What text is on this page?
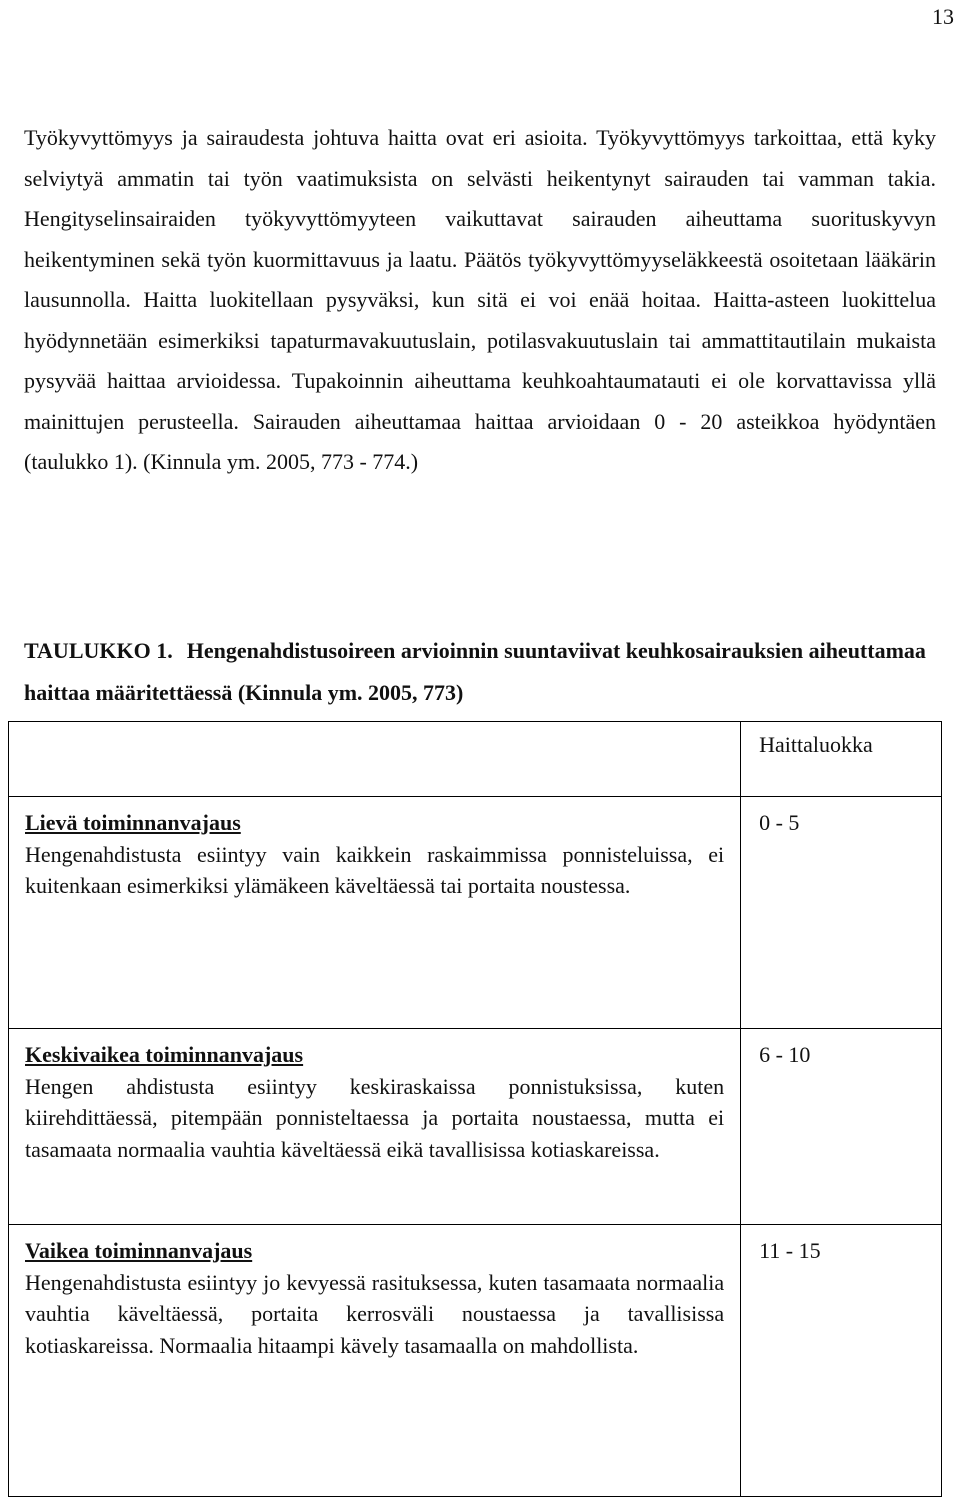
13

Työkyvyttömyys ja sairaudesta johtuva haitta ovat eri asioita. Työkyvyttömyys tarkoittaa, että kyky selviytyä ammatin tai työn vaatimuksista on selvästi heikentynyt sairauden tai vamman takia. Hengityselinsairaiden työkyvyttömyyteen vaikuttavat sairauden aiheuttama suorituskyvyn heikentyminen sekä työn kuormittavuus ja laatu. Päätös työkyvyttömyyseläkkeestä osoitetaan lääkärin lausunnolla. Haitta luokitellaan pysyväksi, kun sitä ei voi enää hoitaa. Haitta-asteen luokittelua hyödynnetään esimerkiksi tapaturmavakuutuslain, potilasvakuutuslain tai ammattitautilain mukaista pysyvää haittaa arvioidessa. Tupakoinnin aiheuttama keuhkoahtaumatauti ei ole korvattavissa yllä mainittujen perusteella. Sairauden aiheuttamaa haittaa arvioidaan 0 - 20 asteikkoa hyödyntäen (taulukko 1). (Kinnula ym. 2005, 773 - 774.)

TAULUKKO 1. Hengenahdistusoireen arvioinnin suuntaviivat keuhkosairauksien aiheuttamaa haittaa määritettäessä (Kinnula ym. 2005, 773)

	Haittaluokka

Lievä toiminnanvajaus
Hengenahdistusta esiintyy vain kaikkein raskaimmissa ponnisteluissa, ei kuitenkaan esimerkiksi ylämäkeen käveltäessä tai portaita noustessa.	0 - 5

Keskivaikea toiminnanvajaus
Hengen ahdistusta esiintyy keskiraskaissa ponnistuksissa, kuten kiirehdittäessä, pitempään ponnisteltaessa ja portaita noustaessa, mutta ei tasamaata normaalia vauhtia käveltäessä eikä tavallisissa kotiaskareissa.	6 - 10

Vaikea toiminnanvajaus
Hengenahdistusta esiintyy jo kevyessä rasituksessa, kuten tasamaata normaalia vauhtia käveltäessä, portaita kerrosväli noustaessa ja tavallisissa kotiaskareissa. Normaalia hitaampi kävely tasamaalla on mahdollista.	11 - 15
